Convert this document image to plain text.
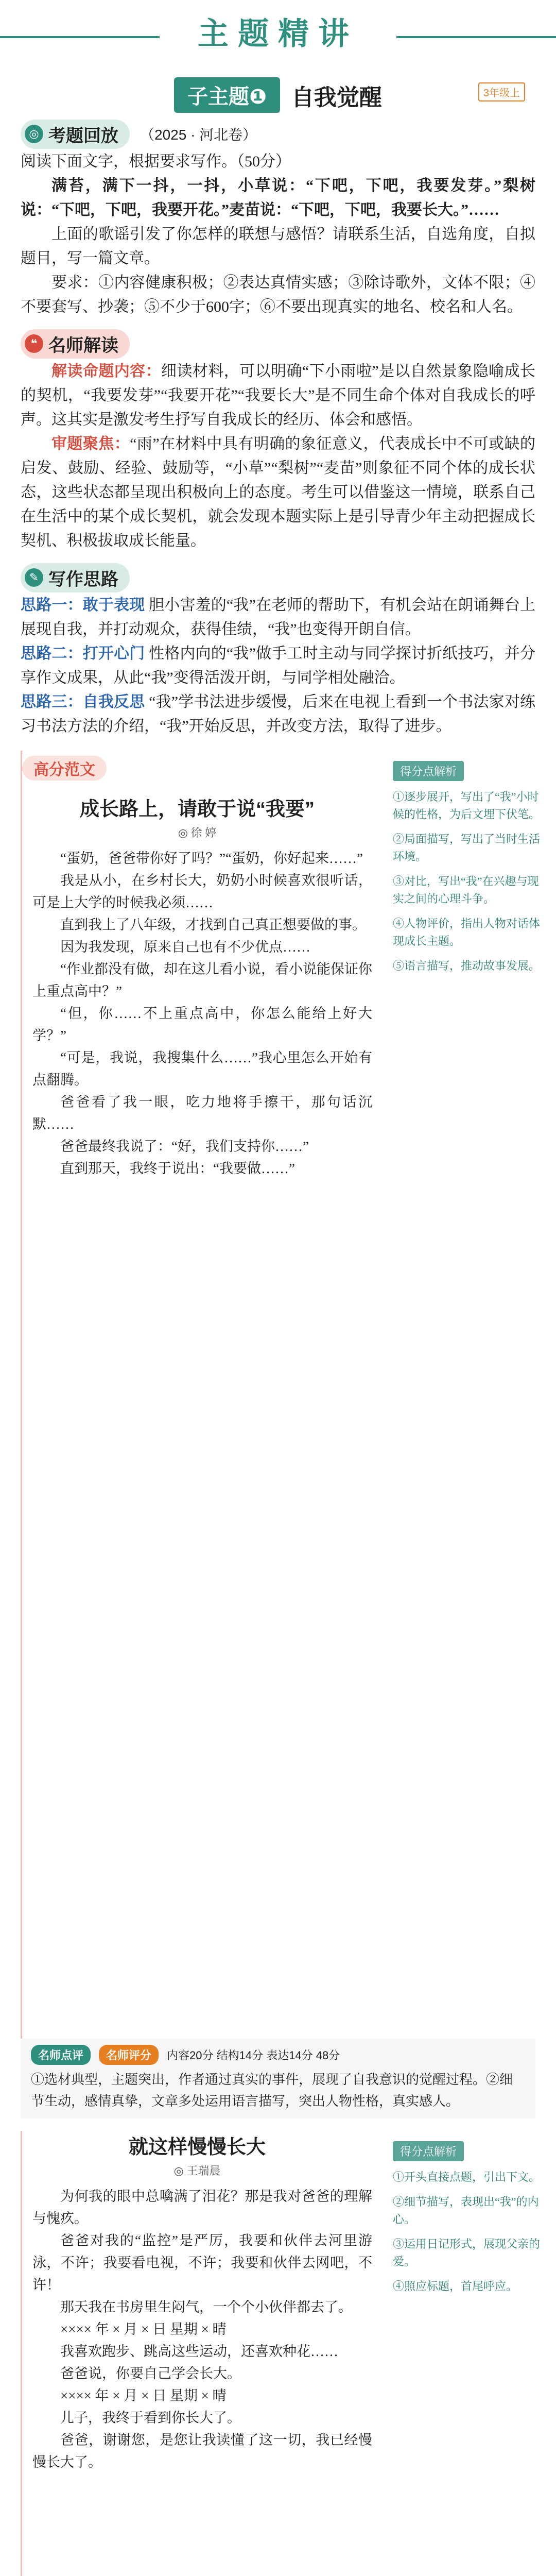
主题精讲
子主题❶	自我觉醒	3年级上
◎ 考题回放 （2025 · 河北卷）

阅读下面文字，根据要求写作。（50分）

满苔，满下一抖，一抖，小草说：“下吧，下吧，我要发芽。”梨树说：“下吧，下吧，我要开花。”麦苗说：“下吧，下吧，我要长大。”……

上面的歌谣引发了你怎样的联想与感悟？请联系生活，自选角度，自拟题目，写一篇文章。

要求：①内容健康积极；②表达真情实感；③除诗歌外，文体不限；④不要套写、抄袭；⑤不少于600字；⑥不要出现真实的地名、校名和人名。

❝ 名师解读

解读命题内容：细读材料，可以明确“下小雨啦”是以自然景象隐喻成长的契机，“我要发芽”“我要开花”“我要长大”是不同生命个体对自我成长的呼声。这其实是激发考生抒写自我成长的经历、体会和感悟。

审题聚焦：“雨”在材料中具有明确的象征意义，代表成长中不可或缺的启发、鼓励、经验、鼓励等，“小草”“梨树”“麦苗”则象征不同个体的成长状态，这些状态都呈现出积极向上的态度。考生可以借鉴这一情境，联系自己在生活中的某个成长契机，就会发现本题实际上是引导青少年主动把握成长契机、积极拔取成长能量。

✎ 写作思路

思路一：敢于表现 胆小害羞的“我”在老师的帮助下，有机会站在朗诵舞台上展现自我，并打动观众，获得佳绩，“我”也变得开朗自信。

思路二：打开心门 性格内向的“我”做手工时主动与同学探讨折纸技巧，并分享作文成果，从此“我”变得活泼开朗，与同学相处融洽。

思路三：自我反思 “我”学书法进步缓慢，后来在电视上看到一个书法家对练习书法方法的介绍，“我”开始反思，并改变方法，取得了进步。

高分范文
成长路上，请敢于说“我要”
◎ 徐 婷

“蛋奶，爸爸带你好了吗？”“蛋奶，你好起来……”

我是从小，在乡村长大，奶奶小时候喜欢很听话，可是上大学的时候我必须……

直到我上了八年级，才找到自己真正想要做的事。

因为我发现，原来自己也有不少优点……

“作业都没有做，却在这儿看小说，看小说能保证你上重点高中？”

“但，你……不上重点高中，你怎么能给上好大学？”

“可是，我说，我搜集什么……”我心里怎么开始有点翻腾。

爸爸看了我一眼，吃力地将手擦干，那句话沉默……

爸爸最终我说了：“好，我们支持你……”

直到那天，我终于说出：“我要做……”

得分点解析
①逐步展开，写出了“我”小时候的性格，为后文埋下伏笔。
②局面描写，写出了当时生活环境。
③对比，写出“我”在兴趣与现实之间的心理斗争。
④人物评价，指出人物对话体现成长主题。
⑤语言描写，推动故事发展。
名师点评	名师评分	内容20分 结构14分 表达14分 48分

①选材典型，主题突出，作者通过真实的事件，展现了自我意识的觉醒过程。②细节生动，感情真挚，文章多处运用语言描写，突出人物性格，真实感人。

就这样慢慢长大
◎ 王瑞晨

为何我的眼中总噙满了泪花？那是我对爸爸的理解与愧疚。

爸爸对我的“监控”是严厉，我要和伙伴去河里游泳，不许；我要看电视，不许；我要和伙伴去网吧，不许！

那天我在书房里生闷气，一个个小伙伴都去了。

×××× 年 × 月 × 日 星期 × 晴

我喜欢跑步、跳高这些运动，还喜欢种花……

爸爸说，你要自己学会长大。

×××× 年 × 月 × 日 星期 × 晴

儿子，我终于看到你长大了。

爸爸，谢谢您，是您让我读懂了这一切，我已经慢慢长大了。

得分点解析
①开头直接点题，引出下文。
②细节描写，表现出“我”的内心。
③运用日记形式，展现父亲的爱。
④照应标题，首尾呼应。
